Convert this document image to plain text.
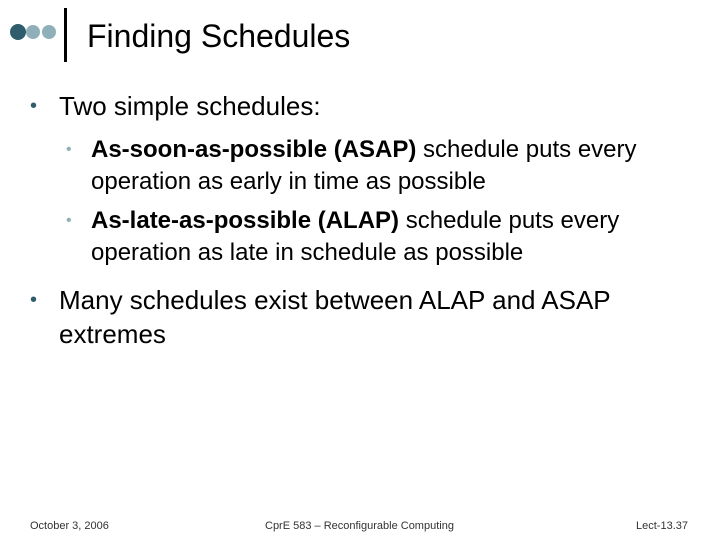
Finding Schedules
• Two simple schedules:
• As-soon-as-possible (ASAP) schedule puts every operation as early in time as possible
• As-late-as-possible (ALAP) schedule puts every operation as late in schedule as possible
• Many schedules exist between ALAP and ASAP extremes
October 3, 2006	CprE 583 – Reconfigurable Computing	Lect-13.37
